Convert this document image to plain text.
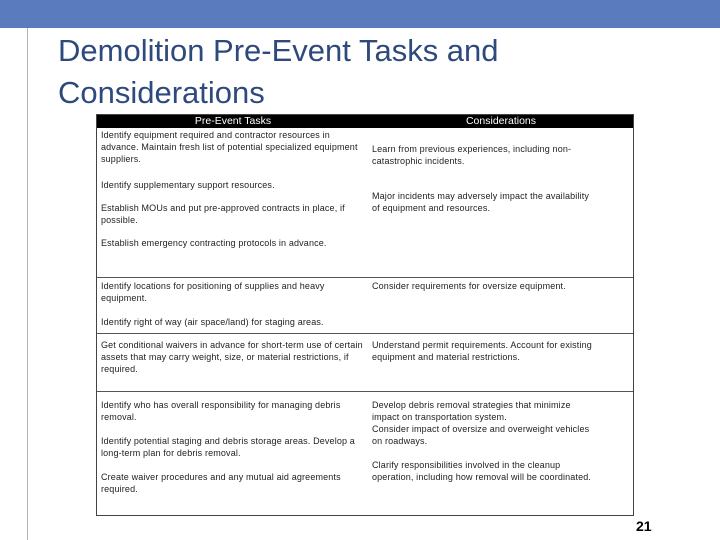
Demolition Pre-Event Tasks and
Considerations
Pre-Event Tasks	Considerations

Identify equipment required and contractor resources in advance. Maintain fresh list of potential specialized equipment suppliers.

Learn from previous experiences, including non-catastrophic incidents.

Identify supplementary support resources.

Major incidents may adversely impact the availability of equipment and resources.

Establish MOUs and put pre-approved contracts in place, if possible.

Establish emergency contracting protocols in advance.

Identify locations for positioning of supplies and heavy equipment.

Consider requirements for oversize equipment.

Identify right of way (air space/land) for staging areas.

Get conditional waivers in advance for short-term use of certain assets that may carry weight, size, or material restrictions, if required.

Understand permit requirements. Account for existing equipment and material restrictions.

Identify who has overall responsibility for managing debris removal.

Develop debris removal strategies that minimize impact on transportation system.

Consider impact of oversize and overweight vehicles on roadways.

Identify potential staging and debris storage areas. Develop a long-term plan for debris removal.

Clarify responsibilities involved in the cleanup operation, including how removal will be coordinated.

Create waiver procedures and any mutual aid agreements required.

21
